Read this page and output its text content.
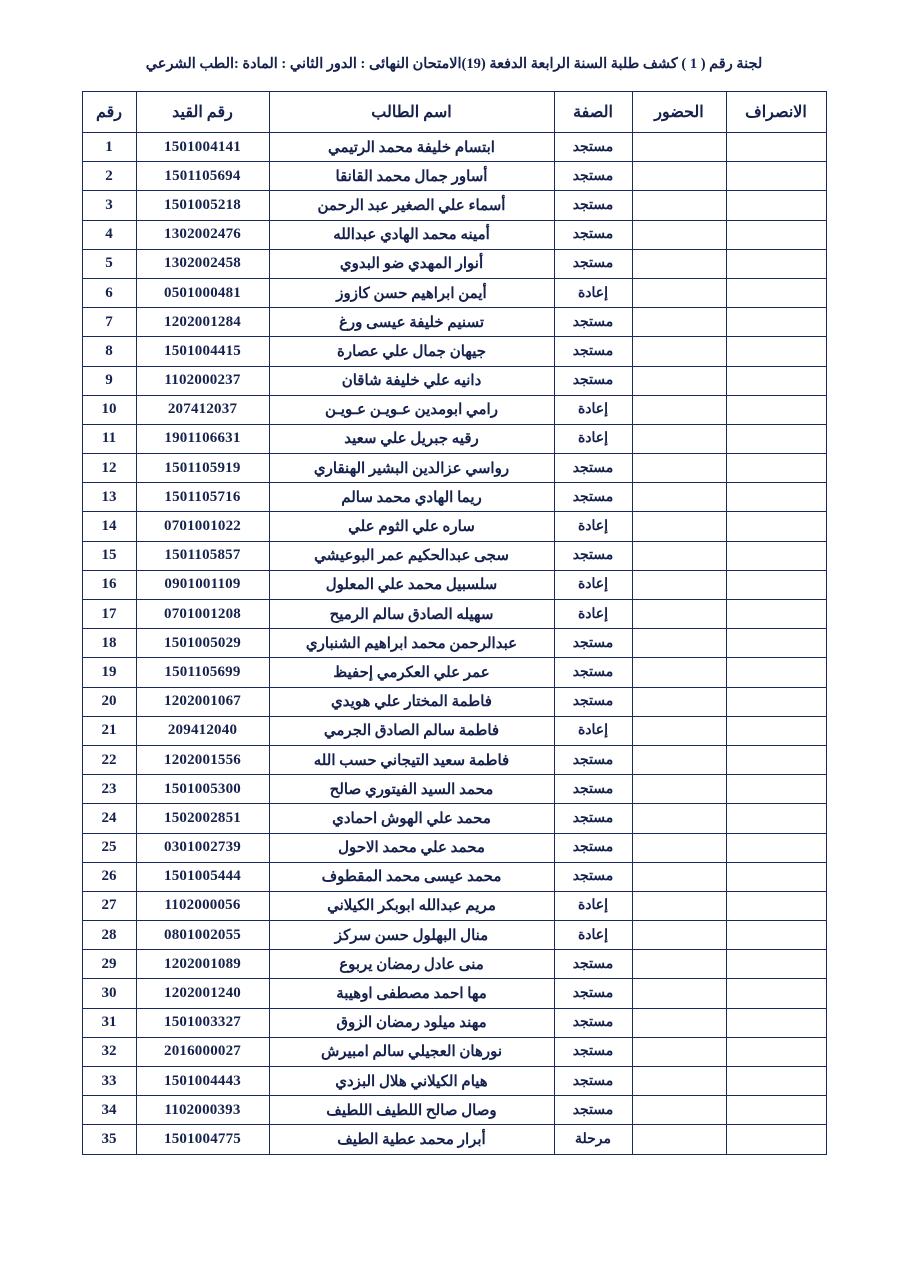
لجنة رقم ( 1 ) كشف طلبة السنة الرابعة الدفعة (19)الامتحان النهائى : الدور الثاني : المادة :الطب الشرعي
الانصراف	الحضور	الصفة	اسم الطالب	رقم القيد	رقم
		مستجد	ابتسام خليفة محمد الرتيمي	1501004141	1
		مستجد	أساور جمال محمد القانقا	1501105694	2
		مستجد	أسماء علي الصغير عبد الرحمن	1501005218	3
		مستجد	أمينه محمد الهادي عبدالله	1302002476	4
		مستجد	أنوار المهدي ضو البدوي	1302002458	5
		إعادة	أيمن ابراهيم حسن كازوز	0501000481	6
		مستجد	تسنيم خليفة عيسى ورغ	1202001284	7
		مستجد	جيهان جمال علي عصارة	1501004415	8
		مستجد	دانيه علي خليفة شاقان	1102000237	9
		إعادة	رامي ابومدين عـويـن عـويـن	207412037	10
		إعادة	رقيه جبريل علي سعيد	1901106631	11
		مستجد	رواسي عزالدين البشير الهنقاري	1501105919	12
		مستجد	ريما الهادي محمد سالم	1501105716	13
		إعادة	ساره علي الثوم علي	0701001022	14
		مستجد	سجى عبدالحكيم عمر البوعيشي	1501105857	15
		إعادة	سلسبيل محمد علي المعلول	0901001109	16
		إعادة	سهيله الصادق سالم الرميح	0701001208	17
		مستجد	عبدالرحمن محمد ابراهيم الشنباري	1501005029	18
		مستجد	عمر علي العكرمي إحفيظ	1501105699	19
		مستجد	فاطمة المختار علي هويدي	1202001067	20
		إعادة	فاطمة سالم الصادق الجرمي	209412040	21
		مستجد	فاطمة سعيد التيجاني حسب الله	1202001556	22
		مستجد	محمد السيد الفيتوري صالح	1501005300	23
		مستجد	محمد علي الهوش احمادي	1502002851	24
		مستجد	محمد علي محمد الاحول	0301002739	25
		مستجد	محمد عيسى محمد المقطوف	1501005444	26
		إعادة	مريم عبدالله ابوبكر الكيلاني	1102000056	27
		إعادة	منال البهلول حسن سركز	0801002055	28
		مستجد	منى عادل رمضان يربوع	1202001089	29
		مستجد	مها احمد مصطفى اوهيبة	1202001240	30
		مستجد	مهند ميلود رمضان الزوق	1501003327	31
		مستجد	نورهان العجيلي سالم امبيرش	2016000027	32
		مستجد	هيام الكيلاني هلال البزدي	1501004443	33
		مستجد	وصال صالح اللطيف اللطيف	1102000393	34
		مرحلة	أبرار محمد عطية الطيف	1501004775	35
